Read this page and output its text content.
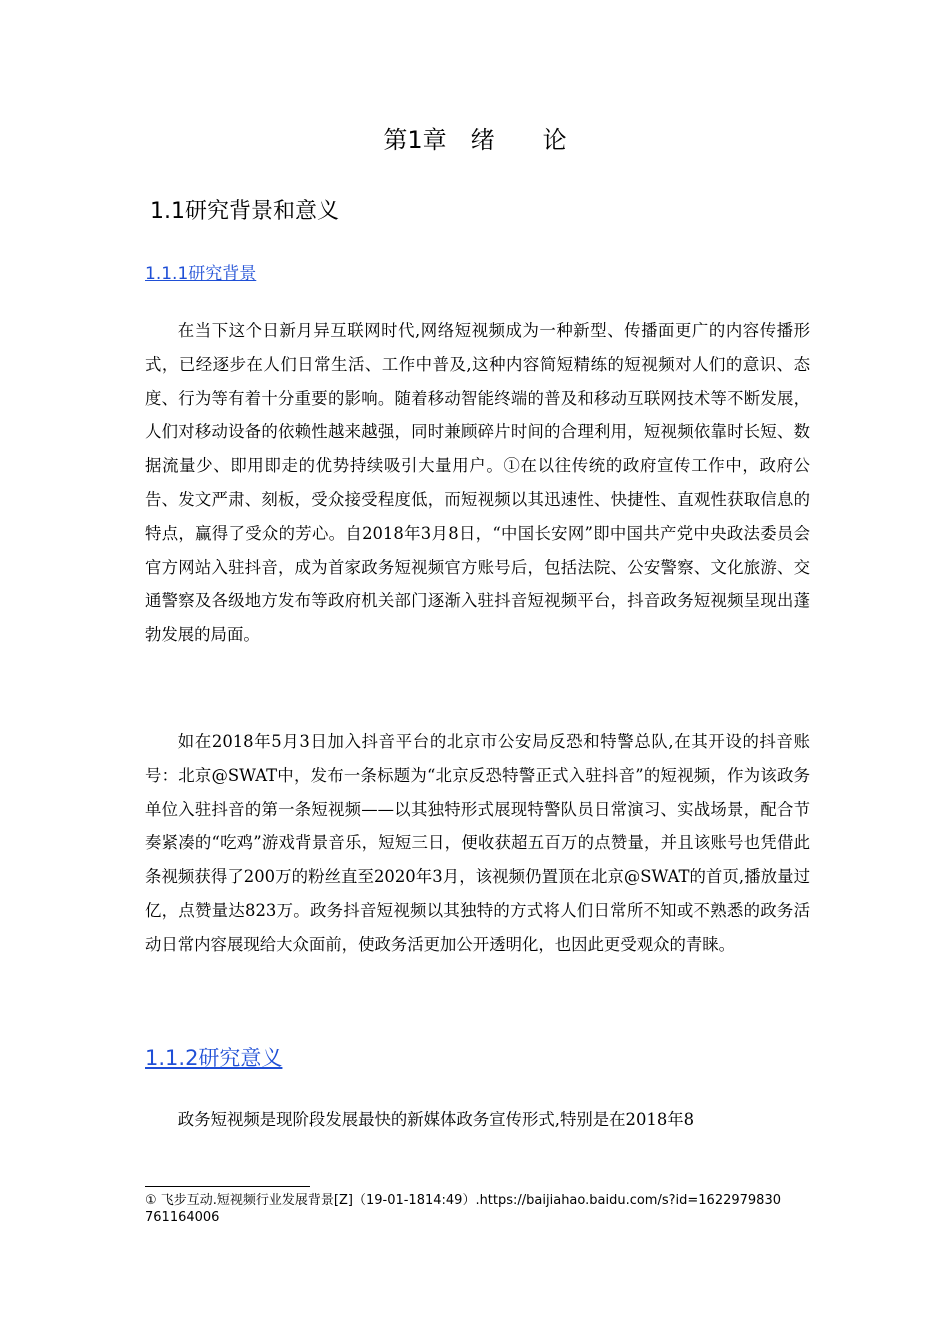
第1章　绪　　论
1.1研究背景和意义
1.1.1研究背景

在当下这个日新月异互联网时代,网络短视频成为一种新型、传播面更广的内容传播形式，已经逐步在人们日常生活、工作中普及,这种内容简短精练的短视频对人们的意识、态度、行为等有着十分重要的影响。随着移动智能终端的普及和移动互联网技术等不断发展，人们对移动设备的依赖性越来越强，同时兼顾碎片时间的合理利用，短视频依靠时长短、数据流量少、即用即走的优势持续吸引大量用户。①在以往传统的政府宣传工作中，政府公告、发文严肃、刻板，受众接受程度低，而短视频以其迅速性、快捷性、直观性获取信息的特点，赢得了受众的芳心。自2018年3月8日，“中国长安网”即中国共产党中央政法委员会官方网站入驻抖音，成为首家政务短视频官方账号后，包括法院、公安警察、文化旅游、交通警察及各级地方发布等政府机关部门逐渐入驻抖音短视频平台，抖音政务短视频呈现出蓬勃发展的局面。

如在2018年5月3日加入抖音平台的北京市公安局反恐和特警总队,在其开设的抖音账号：北京@SWAT中，发布一条标题为“北京反恐特警正式入驻抖音”的短视频，作为该政务单位入驻抖音的第一条短视频——以其独特形式展现特警队员日常演习、实战场景，配合节奏紧凑的“吃鸡”游戏背景音乐，短短三日，便收获超五百万的点赞量，并且该账号也凭借此条视频获得了200万的粉丝直至2020年3月，该视频仍置顶在北京@SWAT的首页,播放量过亿，点赞量达823万。政务抖音短视频以其独特的方式将人们日常所不知或不熟悉的政务活动日常内容展现给大众面前，使政务活更加公开透明化，也因此更受观众的青睐。

1.1.2研究意义

政务短视频是现阶段发展最快的新媒体政务宣传形式,特别是在2018年8

① 飞步互动.短视频行业发展背景[Z]（19-01-1814:49）.https://baijiahao.baidu.com/s?id=1622979830761164006
